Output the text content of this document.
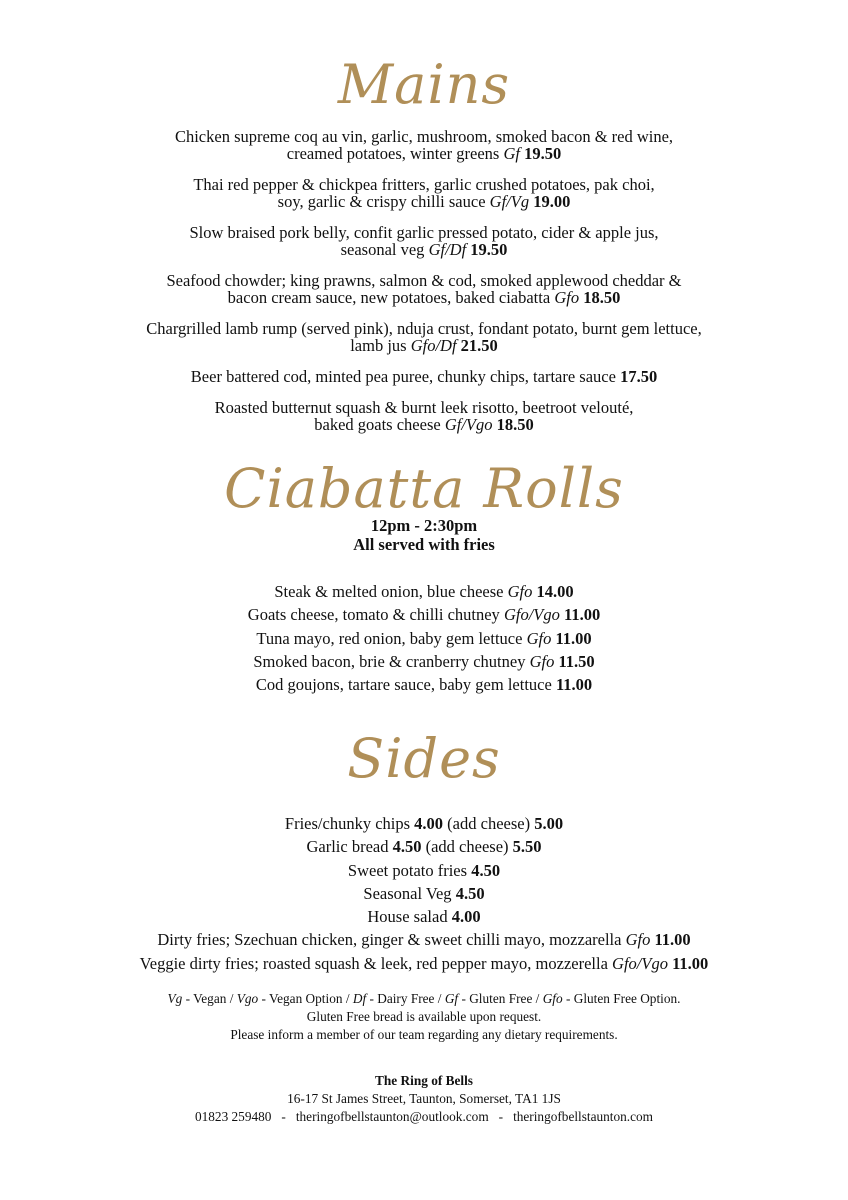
Mains
Chicken supreme coq au vin, garlic, mushroom, smoked bacon & red wine,
creamed potatoes, winter greens Gf 19.50
Thai red pepper & chickpea fritters, garlic crushed potatoes, pak choi,
soy, garlic & crispy chilli sauce Gf/Vg 19.00
Slow braised pork belly, confit garlic pressed potato, cider & apple jus,
seasonal veg Gf/Df 19.50
Seafood chowder; king prawns, salmon & cod, smoked applewood cheddar &
bacon cream sauce, new potatoes, baked ciabatta Gfo 18.50
Chargrilled lamb rump (served pink), nduja crust, fondant potato, burnt gem lettuce,
lamb jus Gfo/Df 21.50
Beer battered cod, minted pea puree, chunky chips, tartare sauce 17.50
Roasted butternut squash & burnt leek risotto, beetroot velouté,
baked goats cheese Gf/Vgo 18.50
Ciabatta Rolls
12pm - 2:30pm
All served with fries
Steak & melted onion, blue cheese Gfo 14.00
Goats cheese, tomato & chilli chutney Gfo/Vgo 11.00
Tuna mayo, red onion, baby gem lettuce Gfo 11.00
Smoked bacon, brie & cranberry chutney Gfo 11.50
Cod goujons, tartare sauce, baby gem lettuce 11.00
Sides
Fries/chunky chips 4.00 (add cheese) 5.00
Garlic bread 4.50 (add cheese) 5.50
Sweet potato fries 4.50
Seasonal Veg 4.50
House salad 4.00
Dirty fries; Szechuan chicken, ginger & sweet chilli mayo, mozzarella Gfo 11.00
Veggie dirty fries; roasted squash & leek, red pepper mayo, mozzerella Gfo/Vgo 11.00
Vg - Vegan / Vgo - Vegan Option / Df - Dairy Free / Gf - Gluten Free / Gfo - Gluten Free Option.
Gluten Free bread is available upon request.
Please inform a member of our team regarding any dietary requirements.
The Ring of Bells
16-17 St James Street, Taunton, Somerset, TA1 1JS
01823 259480   -   theringofbellstaunton@outlook.com   -   theringofbellstaunton.com
